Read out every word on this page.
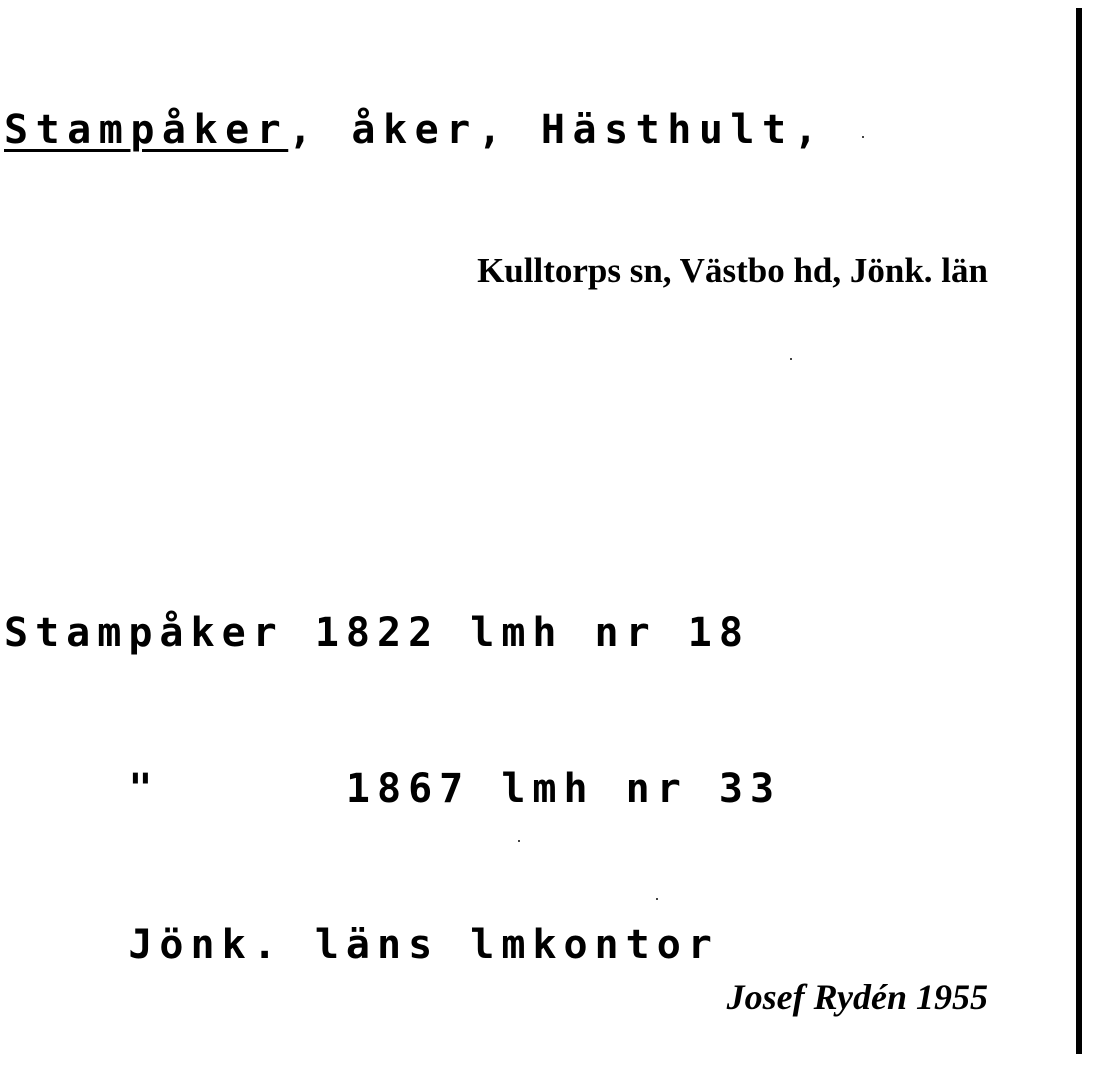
Stampåker, åker, Hästhult,

Kulltorps sn, Västbo hd, Jönk. län

Stampåker 1822 lmh nr 18

"      1867 lmh nr 33

Jönk. läns lmkontor

Josef Rydén 1955
